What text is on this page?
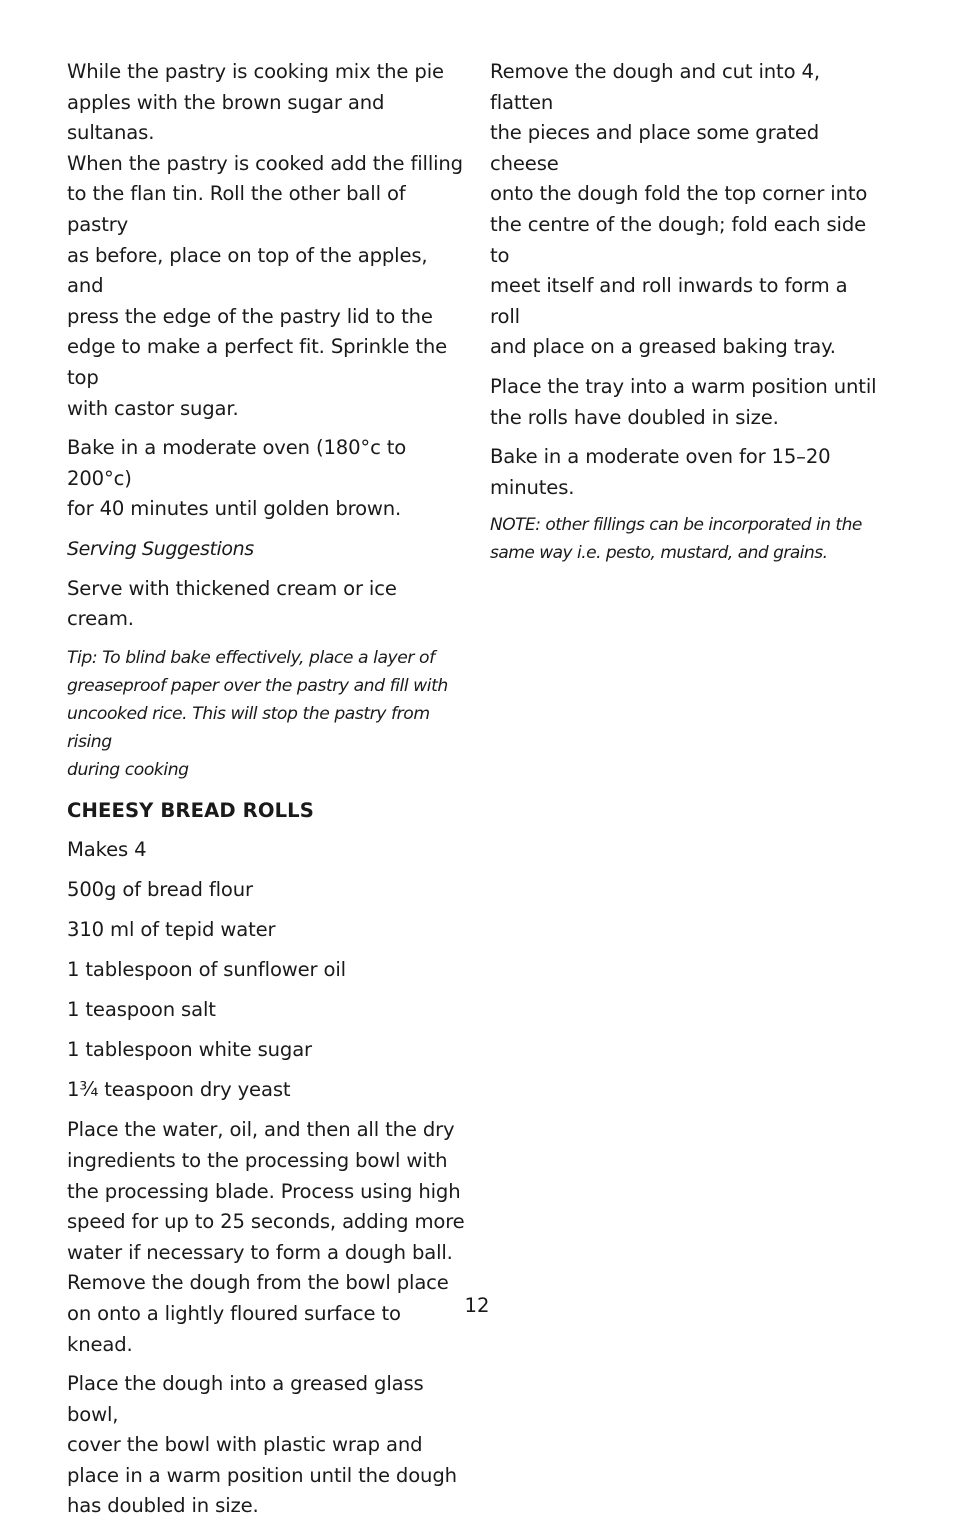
While the pastry is cooking mix the pie
apples with the brown sugar and sultanas.
When the pastry is cooked add the filling
to the flan tin. Roll the other ball of pastry
as before, place on top of the apples, and
press the edge of the pastry lid to the
edge to make a perfect fit. Sprinkle the top
with castor sugar.

Bake in a moderate oven (180°c to 200°c)
for 40 minutes until golden brown.

Serving Suggestions

Serve with thickened cream or ice cream.

Tip: To blind bake effectively, place a layer of
greaseproof paper over the pastry and fill with
uncooked rice. This will stop the pastry from rising
during cooking

CHEESY BREAD ROLLS

Makes 4

500g of bread flour

310 ml of tepid water

1 tablespoon of sunflower oil

1 teaspoon salt

1 tablespoon white sugar

1¾ teaspoon dry yeast

Place the water, oil, and then all the dry
ingredients to the processing bowl with
the processing blade. Process using high
speed for up to 25 seconds, adding more
water if necessary to form a dough ball.
Remove the dough from the bowl place
on onto a lightly floured surface to knead.

Place the dough into a greased glass bowl,
cover the bowl with plastic wrap and
place in a warm position until the dough
has doubled in size.

Remove the dough and cut into 4, flatten
the pieces and place some grated cheese
onto the dough fold the top corner into
the centre of the dough; fold each side to
meet itself and roll inwards to form a roll
and place on a greased baking tray.

Place the tray into a warm position until
the rolls have doubled in size.

Bake in a moderate oven for 15–20
minutes.

NOTE: other fillings can be incorporated in the
same way i.e. pesto, mustard, and grains.

12
